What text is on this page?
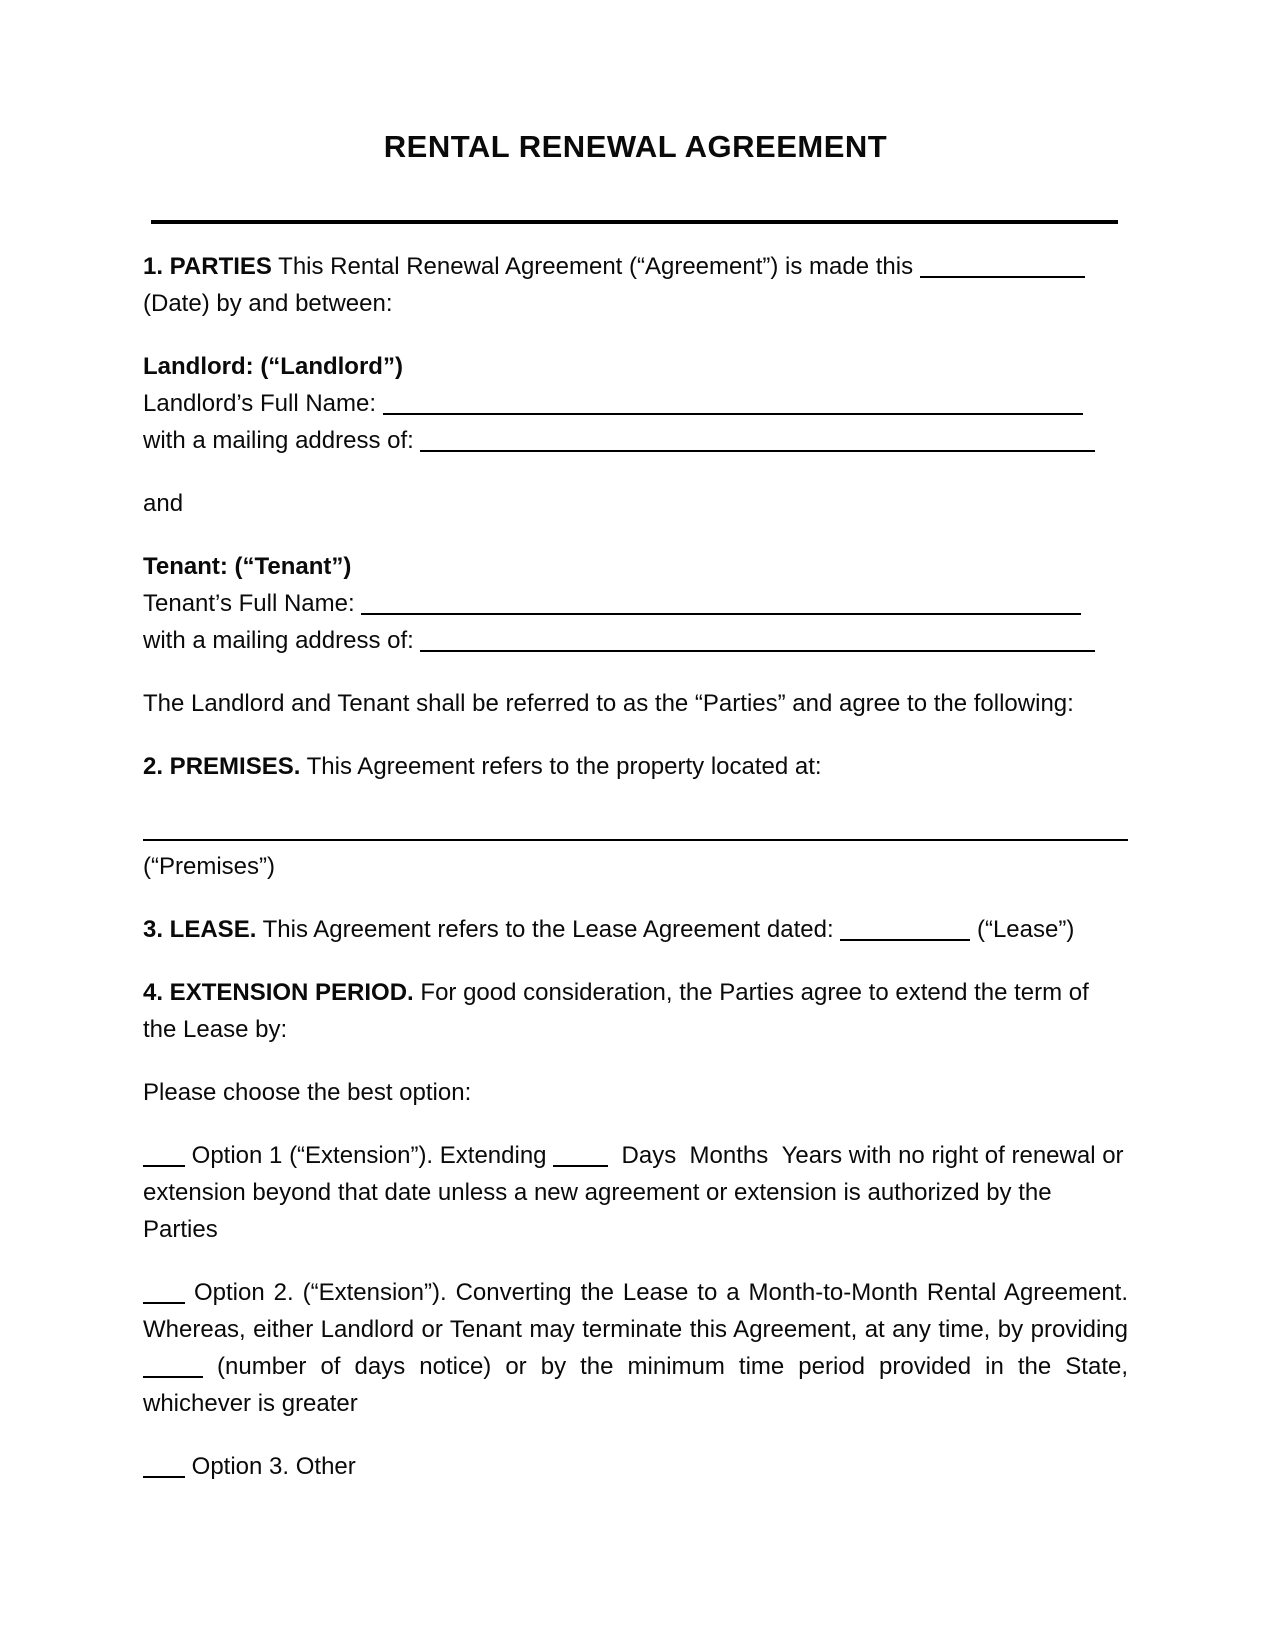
RENTAL RENEWAL AGREEMENT

1. PARTIES This Rental Renewal Agreement (“Agreement”) is made this  (Date) by and between:

Landlord: (“Landlord”)

Landlord’s Full Name:

with a mailing address of:

and

Tenant: (“Tenant”)

Tenant’s Full Name:

with a mailing address of:

The Landlord and Tenant shall be referred to as the “Parties” and agree to the following:

2. PREMISES. This Agreement refers to the property located at:

(“Premises”)

3. LEASE. This Agreement refers to the Lease Agreement dated:	(“Lease”)

4. EXTENSION PERIOD. For good consideration, the Parties agree to extend the term of the Lease by:

Please choose the best option:

Option 1 (“Extension”). Extending   Days  Months  Years with no right of renewal or extension beyond that date unless a new agreement or extension is authorized by the Parties

Option 2. (“Extension”). Converting the Lease to a Month-to-Month Rental Agreement. Whereas, either Landlord or Tenant may terminate this Agreement, at any time, by providing  (number of days notice) or by the minimum time period provided in the State, whichever is greater

Option 3. Other
